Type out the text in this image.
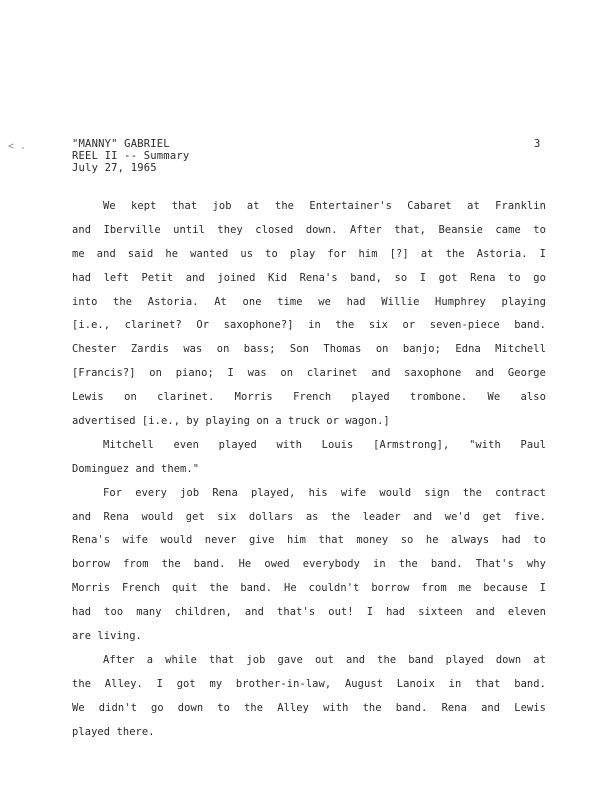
< .	"MANNY" GABRIEL
REEL II -- Summary
July 27, 1965
3
We kept that job at the Entertainer's Cabaret at Franklin
and Iberville until they closed down. After that, Beansie came to
me and said he wanted us to play for him [?] at the Astoria. I
had left Petit and joined Kid Rena's band, so I got Rena to go
into the Astoria. At one time we had Willie Humphrey playing
[i.e., clarinet? Or saxophone?] in the six or seven-piece band.
Chester Zardis was on bass; Son Thomas on banjo; Edna Mitchell
[Francis?] on piano; I was on clarinet and saxophone and George
Lewis on clarinet. Morris French played trombone. We also
advertised [i.e., by playing on a truck or wagon.]
Mitchell even played with Louis [Armstrong], "with Paul
Dominguez and them."
For every job Rena played, his wife would sign the contract
and Rena would get six dollars as the leader and we'd get five.
Rena's wife would never give him that money so he always had to
borrow from the band. He owed everybody in the band. That's why
Morris French quit the band. He couldn't borrow from me because I
had too many children, and that's out! I had sixteen and eleven
are living.
After a while that job gave out and the band played down at
the Alley. I got my brother-in-law, August Lanoix in that band.
We didn't go down to the Alley with the band. Rena and Lewis
played there.
